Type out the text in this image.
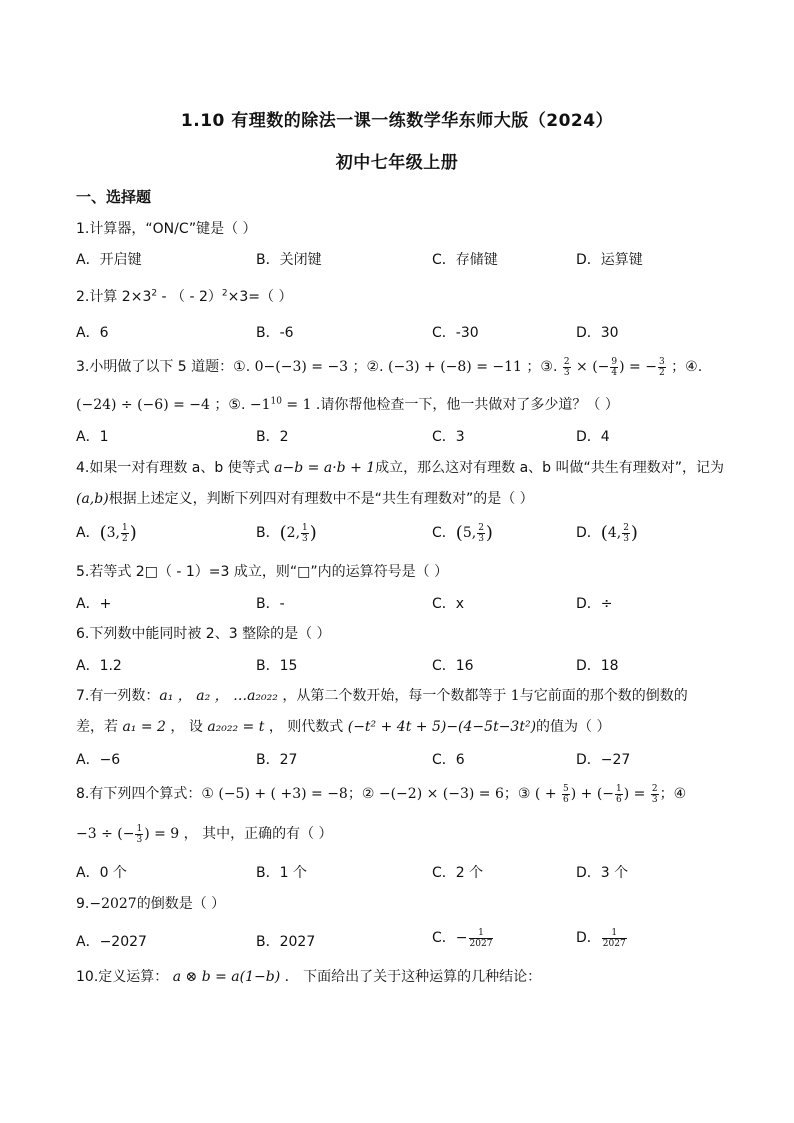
1.10 有理数的除法一课一练数学华东师大版（2024）
初中七年级上册
一、选择题
1.计算器，“ON/C”键是（ ）
A．开启键	B．关闭键	C．存储键	D．运算键
2.计算 $2\times 3^2$ - （ - 2）$^2$×3=（ ）
A．6	B．-6	C．-30	D．30
3.小明做了以下 5 道题：①. 0−(−3) = −3 ；②. (−3) + (−8) = −11 ；③. $\frac{2}{3}$ × (− $\frac{9}{4}$ ) = − $\frac{3}{2}$ ；④.
(−24) ÷ (−6) = −4 ；⑤. $-1^{10} = 1$ .请你帮他检查一下，他一共做对了多少道？（ ）
A．1	B．2	C．3	D．4
4.如果一对有理数 a、b 使等式 a−b = a·b + 1成立，那么这对有理数 a、b 叫做“共生有理数对”，记为
(a,b)根据上述定义，判断下列四对有理数中不是“共生有理数对”的是（ ）
A．(3, $\frac{1}{2}$ )	B．(2, $\frac{1}{3}$ )	C．(5, $\frac{2}{3}$ )	D．(4, $\frac{2}{3}$ )
5.若等式 2□（ - 1）=3 成立，则“□”内的运算符号是（ ）
A．+	B．-	C．x	D．÷
6.下列数中能同时被 2、3 整除的是（ ）
A．1.2	B．15	C．16	D．18
7.有一列数：a₁ ， a₂ ， …a₂₀₂₂ ，从第二个数开始，每一个数都等于 1与它前面的那个数的倒数的
差，若 a₁ = 2 ， 设 a₂₀₂₂ = t ， 则代数式 (−t² + 4t + 5)−(4−5t−3t²)的值为（ ）
A．−6	B．27	C．6	D．−27
8.有下列四个算式：① (−5) + ( +3) = −8；② −(−2) × (−3) = 6；③ ( + $\frac{5}{6}$ ) + (− $\frac{1}{6}$ ) = $\frac{2}{3}$ ；④
−3 ÷ (− $\frac{1}{3}$ ) = 9 ， 其中，正确的有（ ）
A．0 个	B．1 个	C．2 个	D．3 个
9.−2027的倒数是（ ）
A．−2027	B．2027	C．− $\frac{1}{2027}$	D． $\frac{1}{2027}$
10.定义运算： a ⊗ b = a(1−b) ． 下面给出了关于这种运算的几种结论：
